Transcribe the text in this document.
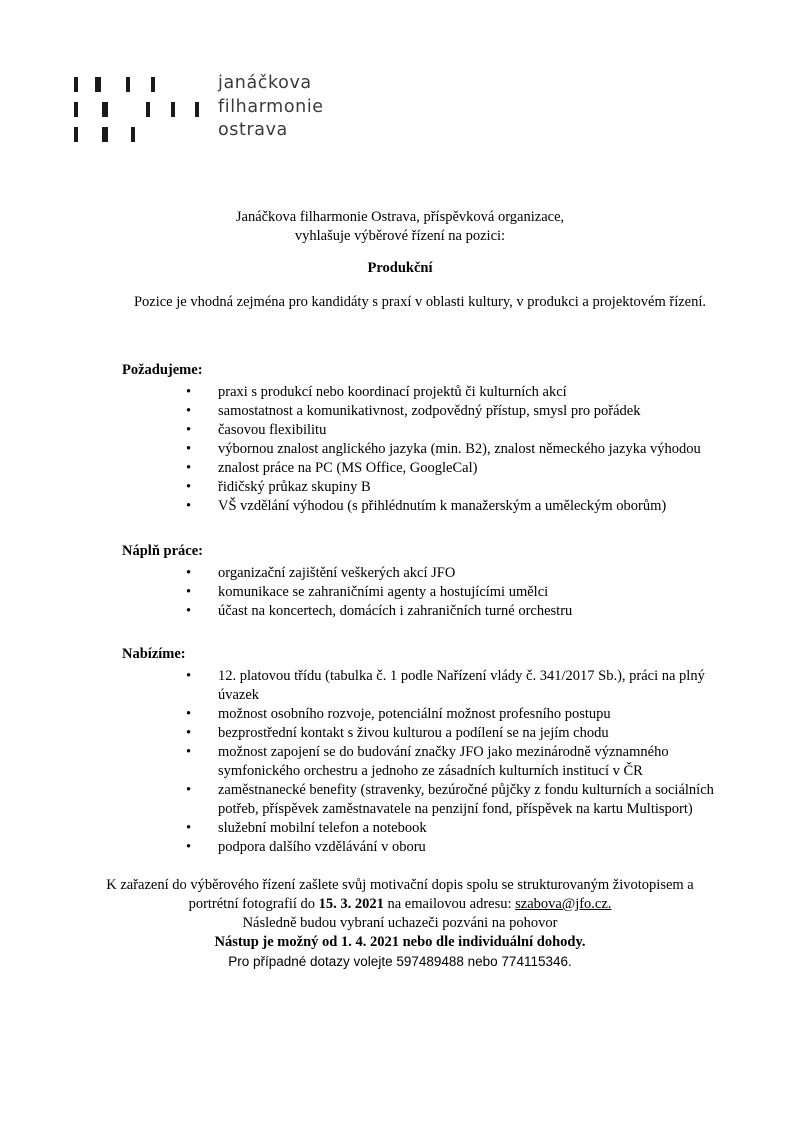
janáčkova
filharmonie
ostrava
Janáčkova filharmonie Ostrava, příspěvková organizace,
vyhlašuje výběrové řízení na pozici:
Produkční
Pozice je vhodná zejména pro kandidáty s praxí v oblasti kultury, v produkci a projektovém řízení.
Požadujeme:
• praxi s produkcí nebo koordinací projektů či kulturních akcí
• samostatnost a komunikativnost, zodpovědný přístup, smysl pro pořádek
• časovou flexibilitu
• výbornou znalost anglického jazyka (min. B2), znalost německého jazyka výhodou
• znalost práce na PC (MS Office, GoogleCal)
• řidičský průkaz skupiny B
• VŠ vzdělání výhodou (s přihlédnutím k manažerským a uměleckým oborům)
Náplň práce:
• organizační zajištění veškerých akcí JFO
• komunikace se zahraničními agenty a hostujícími umělci
• účast na koncertech, domácích i zahraničních turné orchestru
Nabízíme:
• 12. platovou třídu (tabulka č. 1 podle Nařízení vlády č. 341/2017 Sb.), práci na plný úvazek
• možnost osobního rozvoje, potenciální možnost profesního postupu
• bezprostřední kontakt s živou kulturou a podílení se na jejím chodu
• možnost zapojení se do budování značky JFO jako mezinárodně významného symfonického orchestru a jednoho ze zásadních kulturních institucí v ČR
• zaměstnanecké benefity (stravenky, bezúročné půjčky z fondu kulturních a sociálních potřeb, příspěvek zaměstnavatele na penzijní fond, příspěvek na kartu Multisport)
• služební mobilní telefon a notebook
• podpora dalšího vzdělávání v oboru

K zařazení do výběrového řízení zašlete svůj motivační dopis spolu se strukturovaným životopisem a portrétní fotografií do 15. 3. 2021 na emailovou adresu: szabova@jfo.cz.

Následně budou vybraní uchazeči pozváni na pohovor

Nástup je možný od 1. 4. 2021 nebo dle individuální dohody.

Pro případné dotazy volejte 597489488 nebo 774115346.
